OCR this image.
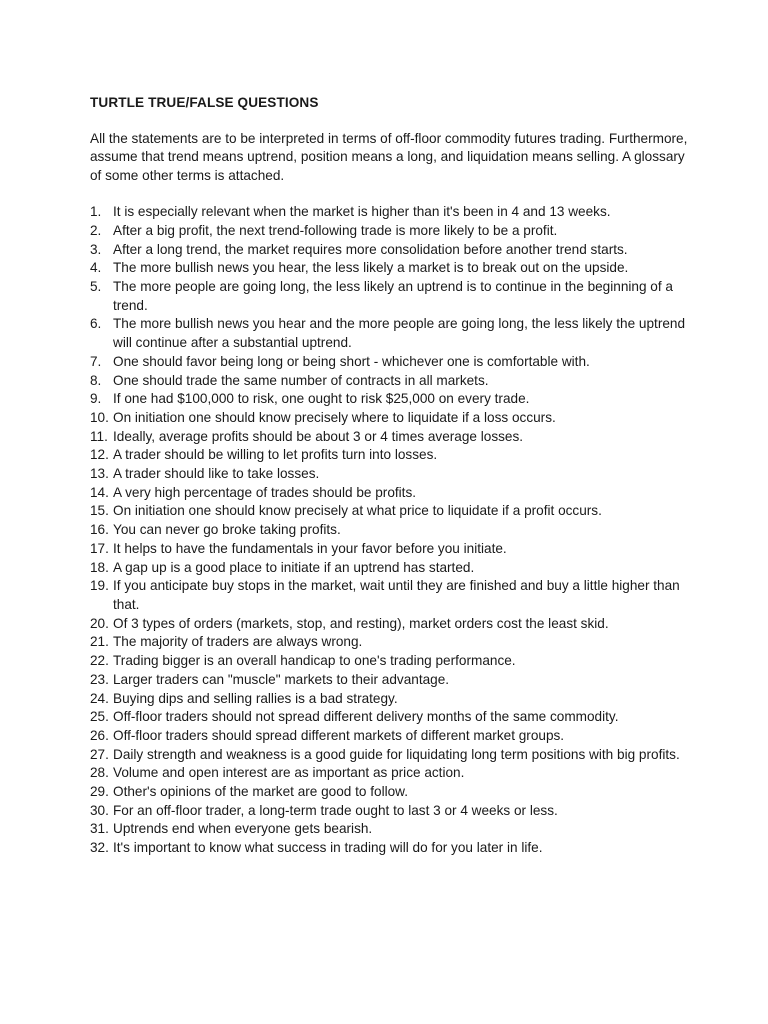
TURTLE TRUE/FALSE QUESTIONS
All the statements are to be interpreted in terms of off-floor commodity futures trading. Furthermore, assume that trend means uptrend, position means a long, and liquidation means selling. A glossary of some other terms is attached.
1. It is especially relevant when the market is higher than it's been in 4 and 13 weeks.
2. After a big profit, the next trend-following trade is more likely to be a profit.
3. After a long trend, the market requires more consolidation before another trend starts.
4. The more bullish news you hear, the less likely a market is to break out on the upside.
5. The more people are going long, the less likely an uptrend is to continue in the beginning of a trend.
6. The more bullish news you hear and the more people are going long, the less likely the uptrend will continue after a substantial uptrend.
7. One should favor being long or being short - whichever one is comfortable with.
8. One should trade the same number of contracts in all markets.
9. If one had $100,000 to risk, one ought to risk $25,000 on every trade.
10. On initiation one should know precisely where to liquidate if a loss occurs.
11. Ideally, average profits should be about 3 or 4 times average losses.
12. A trader should be willing to let profits turn into losses.
13. A trader should like to take losses.
14. A very high percentage of trades should be profits.
15. On initiation one should know precisely at what price to liquidate if a profit occurs.
16. You can never go broke taking profits.
17. It helps to have the fundamentals in your favor before you initiate.
18. A gap up is a good place to initiate if an uptrend has started.
19. If you anticipate buy stops in the market, wait until they are finished and buy a little higher than that.
20. Of 3 types of orders (markets, stop, and resting), market orders cost the least skid.
21. The majority of traders are always wrong.
22. Trading bigger is an overall handicap to one's trading performance.
23. Larger traders can "muscle" markets to their advantage.
24. Buying dips and selling rallies is a bad strategy.
25. Off-floor traders should not spread different delivery months of the same commodity.
26. Off-floor traders should spread different markets of different market groups.
27. Daily strength and weakness is a good guide for liquidating long term positions with big profits.
28. Volume and open interest are as important as price action.
29. Other's opinions of the market are good to follow.
30. For an off-floor trader, a long-term trade ought to last 3 or 4 weeks or less.
31. Uptrends end when everyone gets bearish.
32. It's important to know what success in trading will do for you later in life.
